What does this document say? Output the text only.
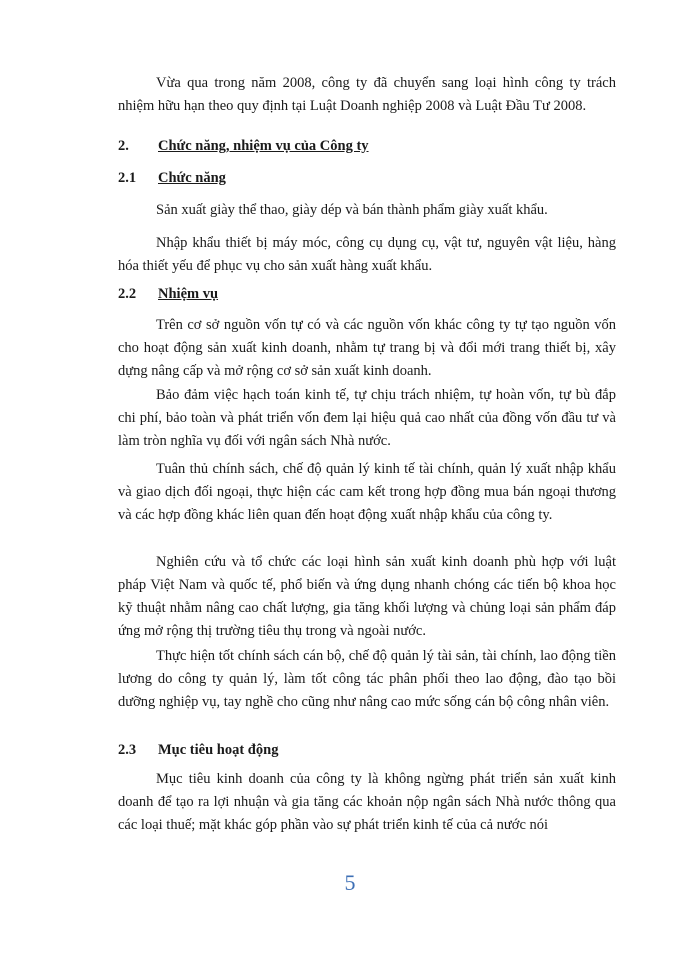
Vừa qua trong năm 2008, công ty đã chuyển sang loại hình công ty trách nhiệm hữu hạn theo quy định tại Luật Doanh nghiệp 2008 và Luật Đầu Tư 2008.

2. Chức năng, nhiệm vụ của Công ty
2.1 Chức năng

Sản xuất giày thể thao, giày dép và bán thành phẩm giày xuất khẩu.

Nhập khẩu thiết bị máy móc, công cụ dụng cụ, vật tư, nguyên vật liệu, hàng hóa thiết yếu để phục vụ cho sản xuất hàng xuất khẩu.

2.2 Nhiệm vụ

Trên cơ sở nguồn vốn tự có và các nguồn vốn khác công ty tự tạo nguồn vốn cho hoạt động sản xuất kinh doanh, nhằm tự trang bị và đổi mới trang thiết bị, xây dựng nâng cấp và mở rộng cơ sở sản xuất kinh doanh.

Bảo đảm việc hạch toán kinh tế, tự chịu trách nhiệm, tự hoàn vốn, tự bù đắp chi phí, bảo toàn và phát triển vốn đem lại hiệu quả cao nhất của đồng vốn đầu tư và làm tròn nghĩa vụ đối với ngân sách Nhà nước.

Tuân thủ chính sách, chế độ quản lý kinh tế tài chính, quản lý xuất nhập khẩu và giao dịch đối ngoại, thực hiện các cam kết trong hợp đồng mua bán ngoại thương và các hợp đồng khác liên quan đến hoạt động xuất nhập khẩu của công ty.

Nghiên cứu và tổ chức các loại hình sản xuất kinh doanh phù hợp với luật pháp Việt Nam và quốc tế, phổ biến và ứng dụng nhanh chóng các tiến bộ khoa học kỹ thuật nhằm nâng cao chất lượng, gia tăng khối lượng và chủng loại sản phẩm đáp ứng mở rộng thị trường tiêu thụ trong và ngoài nước.

Thực hiện tốt chính sách cán bộ, chế độ quản lý tài sản, tài chính, lao động tiền lương do công ty quản lý, làm tốt công tác phân phối theo lao động, đào tạo bồi dưỡng nghiệp vụ, tay nghề cho cũng như nâng cao mức sống cán bộ công nhân viên.

2.3 Mục tiêu hoạt động

Mục tiêu kinh doanh của công ty là không ngừng phát triển sản xuất kinh doanh để tạo ra lợi nhuận và gia tăng các khoản nộp ngân sách Nhà nước thông qua các loại thuế; mặt khác góp phần vào sự phát triển kinh tế của cả nước nói

5
